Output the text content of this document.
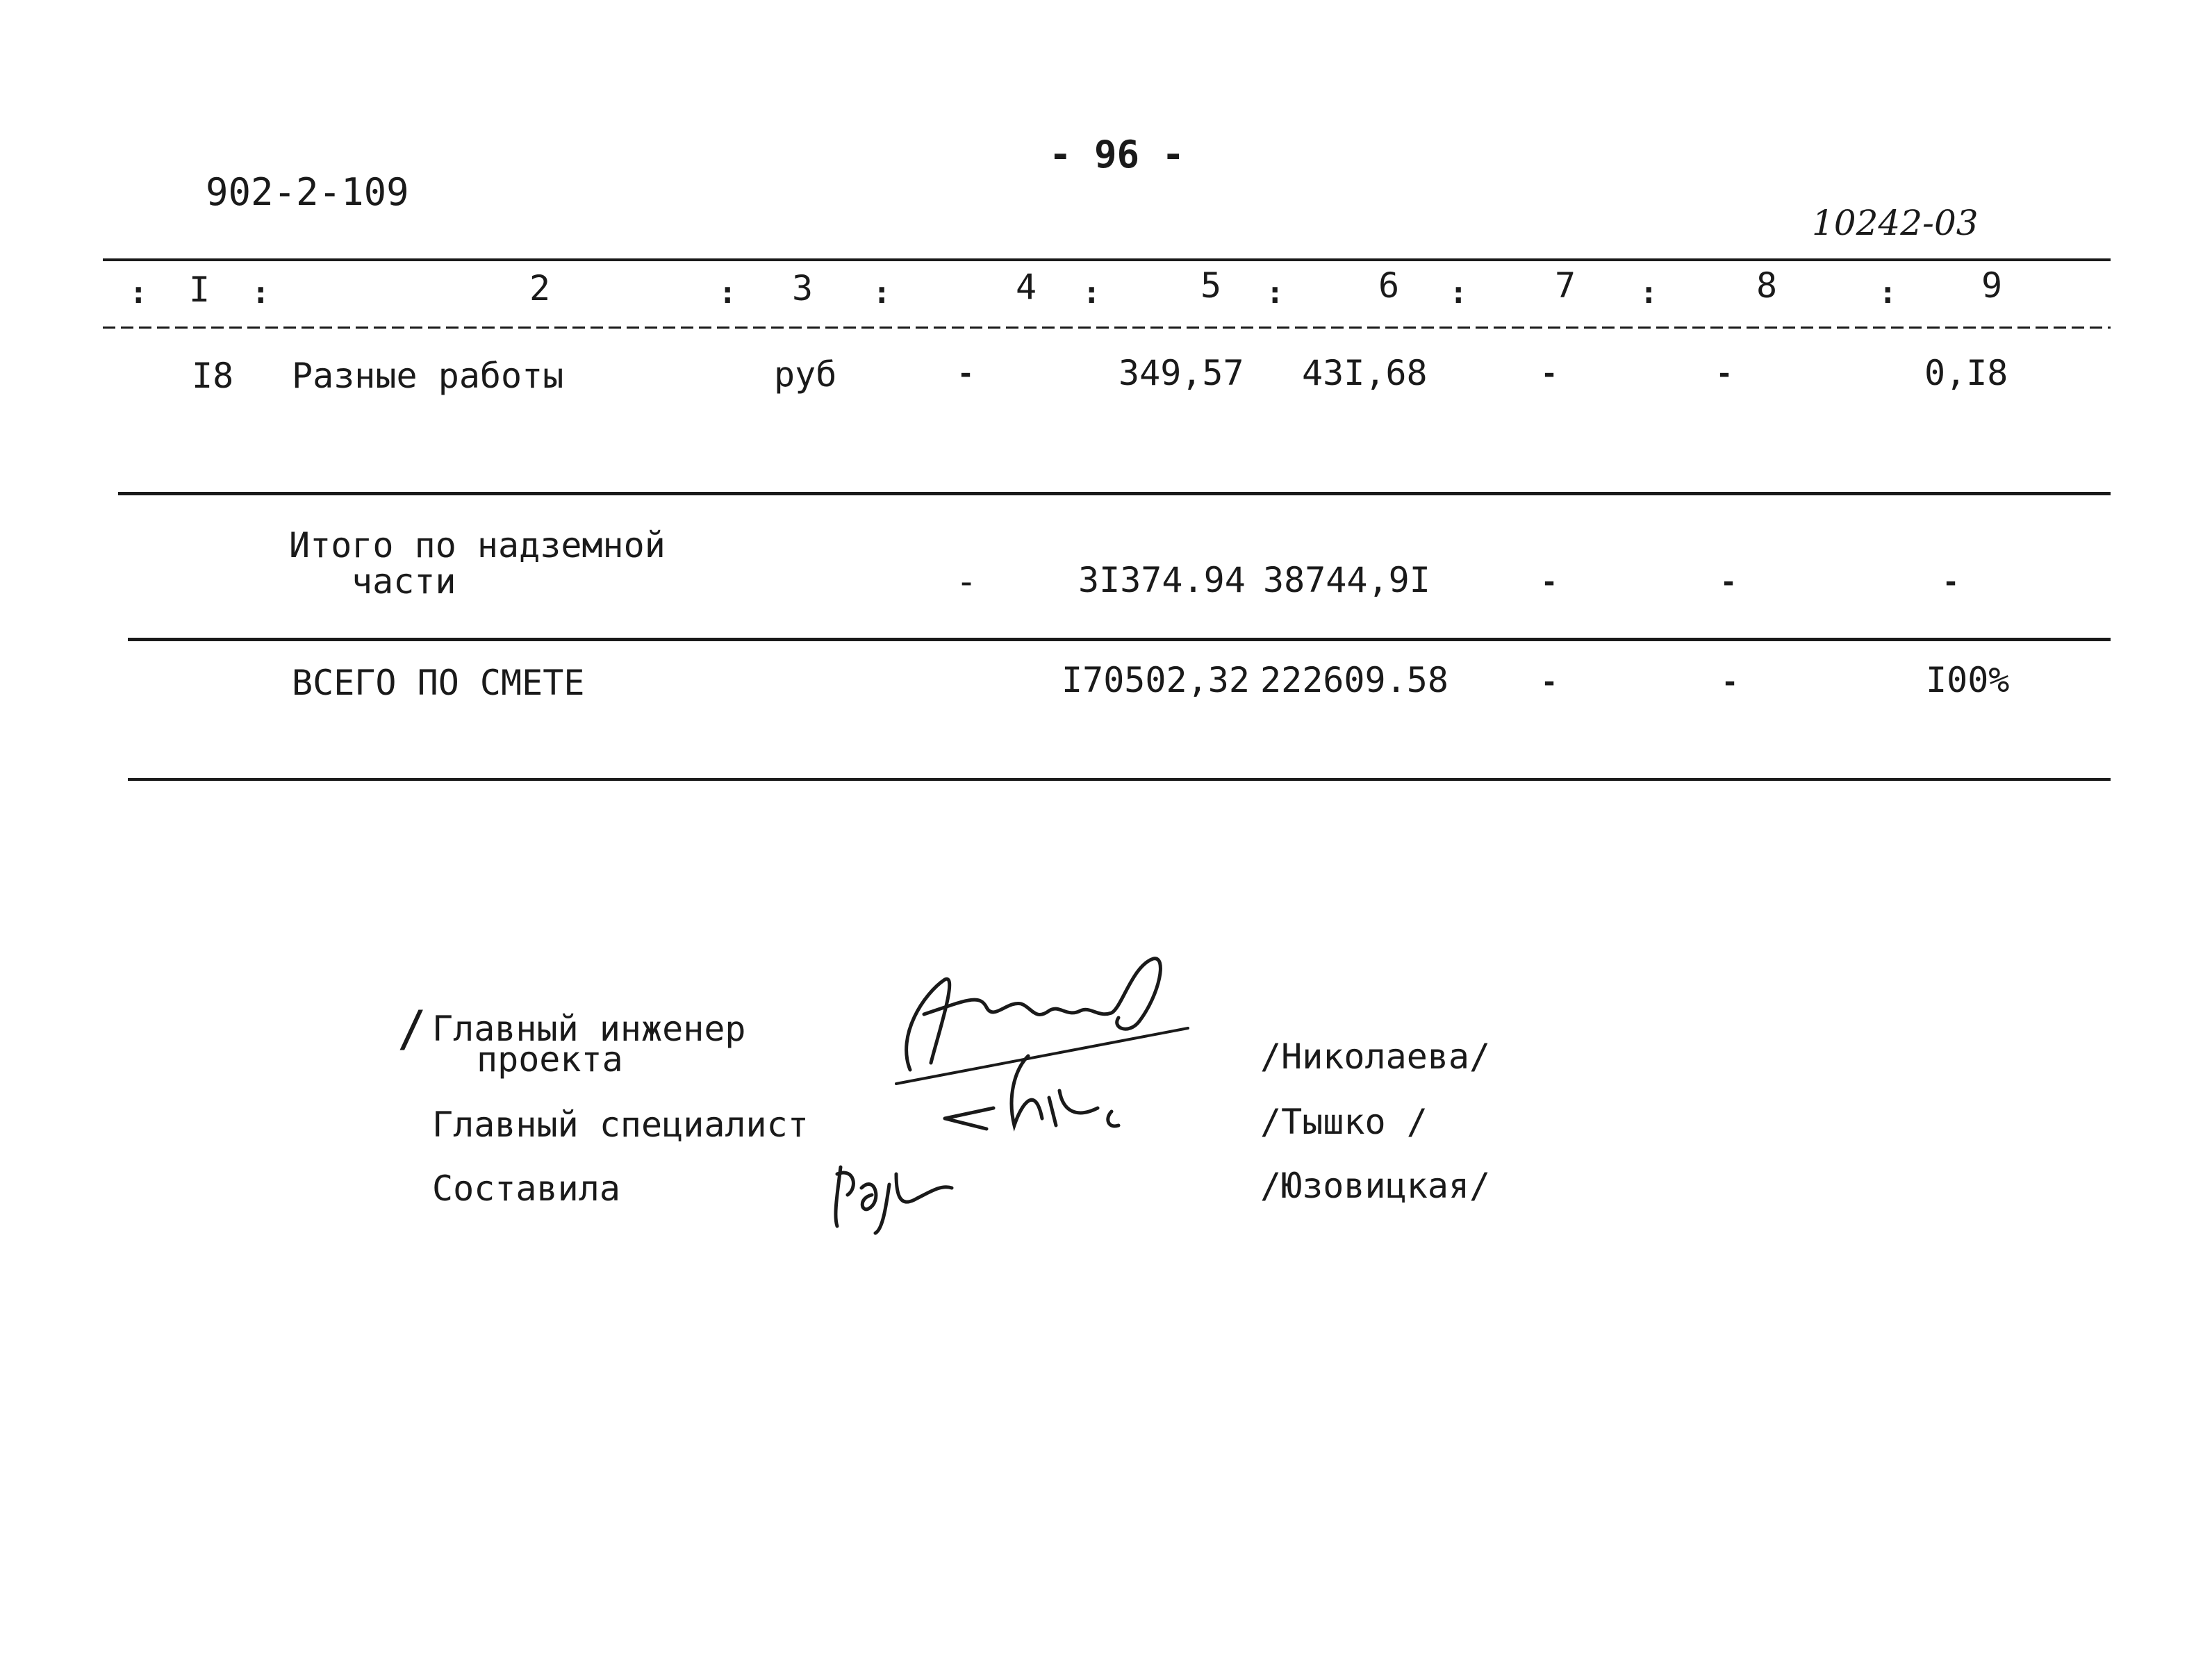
902-2-109
- 96 -
10242-03
: I :	2	: 3 :	4 :	5 :	6 :	7 :	8	: 9
I8 Разные работы	руб	-	349,57 43I,68	-	-	0,I8
Итого по надземной
части	-	3I374.94 38744,9I	-	-	-
ВСЕГО ПО СМЕТЕ	I70502,32 222609.58	-	-	I00%
/ Главный инженер
проекта	/Николаева/
Главный специалист	/Тышко /
Составила	/Юзовицкая/
